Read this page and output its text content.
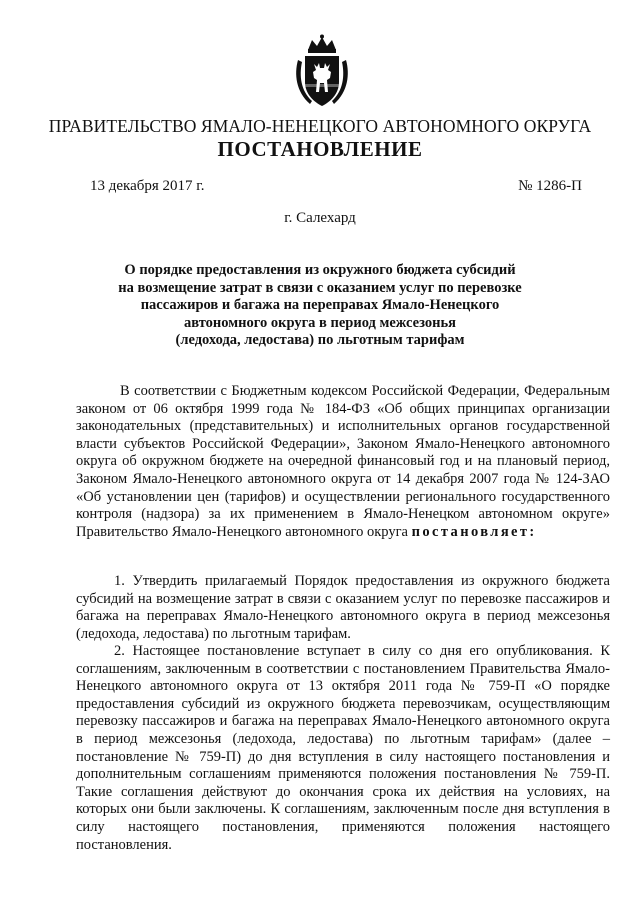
ПРАВИТЕЛЬСТВО ЯМАЛО-НЕНЕЦКОГО АВТОНОМНОГО ОКРУГА
ПОСТАНОВЛЕНИЕ
13 декабря 2017 г.	№ 1286-П
г. Салехард
О порядке предоставления из окружного бюджета субсидий
на возмещение затрат в связи с оказанием услуг по перевозке
пассажиров и багажа на переправах Ямало-Ненецкого
автономного округа в период межсезонья
(ледохода, ледостава) по льготным тарифам

В соответствии с Бюджетным кодексом Российской Федерации, Федеральным законом от 06 октября 1999 года № 184-ФЗ «Об общих принципах организации законодательных (представительных) и исполнительных органов государственной власти субъектов Российской Федерации», Законом Ямало-Ненецкого автономного округа об окружном бюджете на очередной финансовый год и на плановый период, Законом Ямало-Ненецкого автономного округа от 14 декабря 2007 года № 124-ЗАО «Об установлении цен (тарифов) и осуществлении регионального государственного контроля (надзора) за их применением в Ямало-Ненецком автономном округе» Правительство Ямало-Ненецкого автономного округа постановляет:

1. Утвердить прилагаемый Порядок предоставления из окружного бюджета субсидий на возмещение затрат в связи с оказанием услуг по перевозке пассажиров и багажа на переправах Ямало-Ненецкого автономного округа в период межсезонья (ледохода, ледостава) по льготным тарифам.

2. Настоящее постановление вступает в силу со дня его опубликования. К соглашениям, заключенным в соответствии с постановлением Правительства Ямало-Ненецкого автономного округа от 13 октября 2011 года № 759-П «О порядке предоставления субсидий из окружного бюджета перевозчикам, осуществляющим перевозку пассажиров и багажа на переправах Ямало-Ненецкого автономного округа в период межсезонья (ледохода, ледостава) по льготным тарифам» (далее – постановление № 759-П) до дня вступления в силу настоящего постановления и дополнительным соглашениям применяются положения постановления № 759-П. Такие соглашения действуют до окончания срока их действия на условиях, на которых они были заключены. К соглашениям, заключенным после дня вступления в силу настоящего постановления, применяются положения настоящего постановления.
